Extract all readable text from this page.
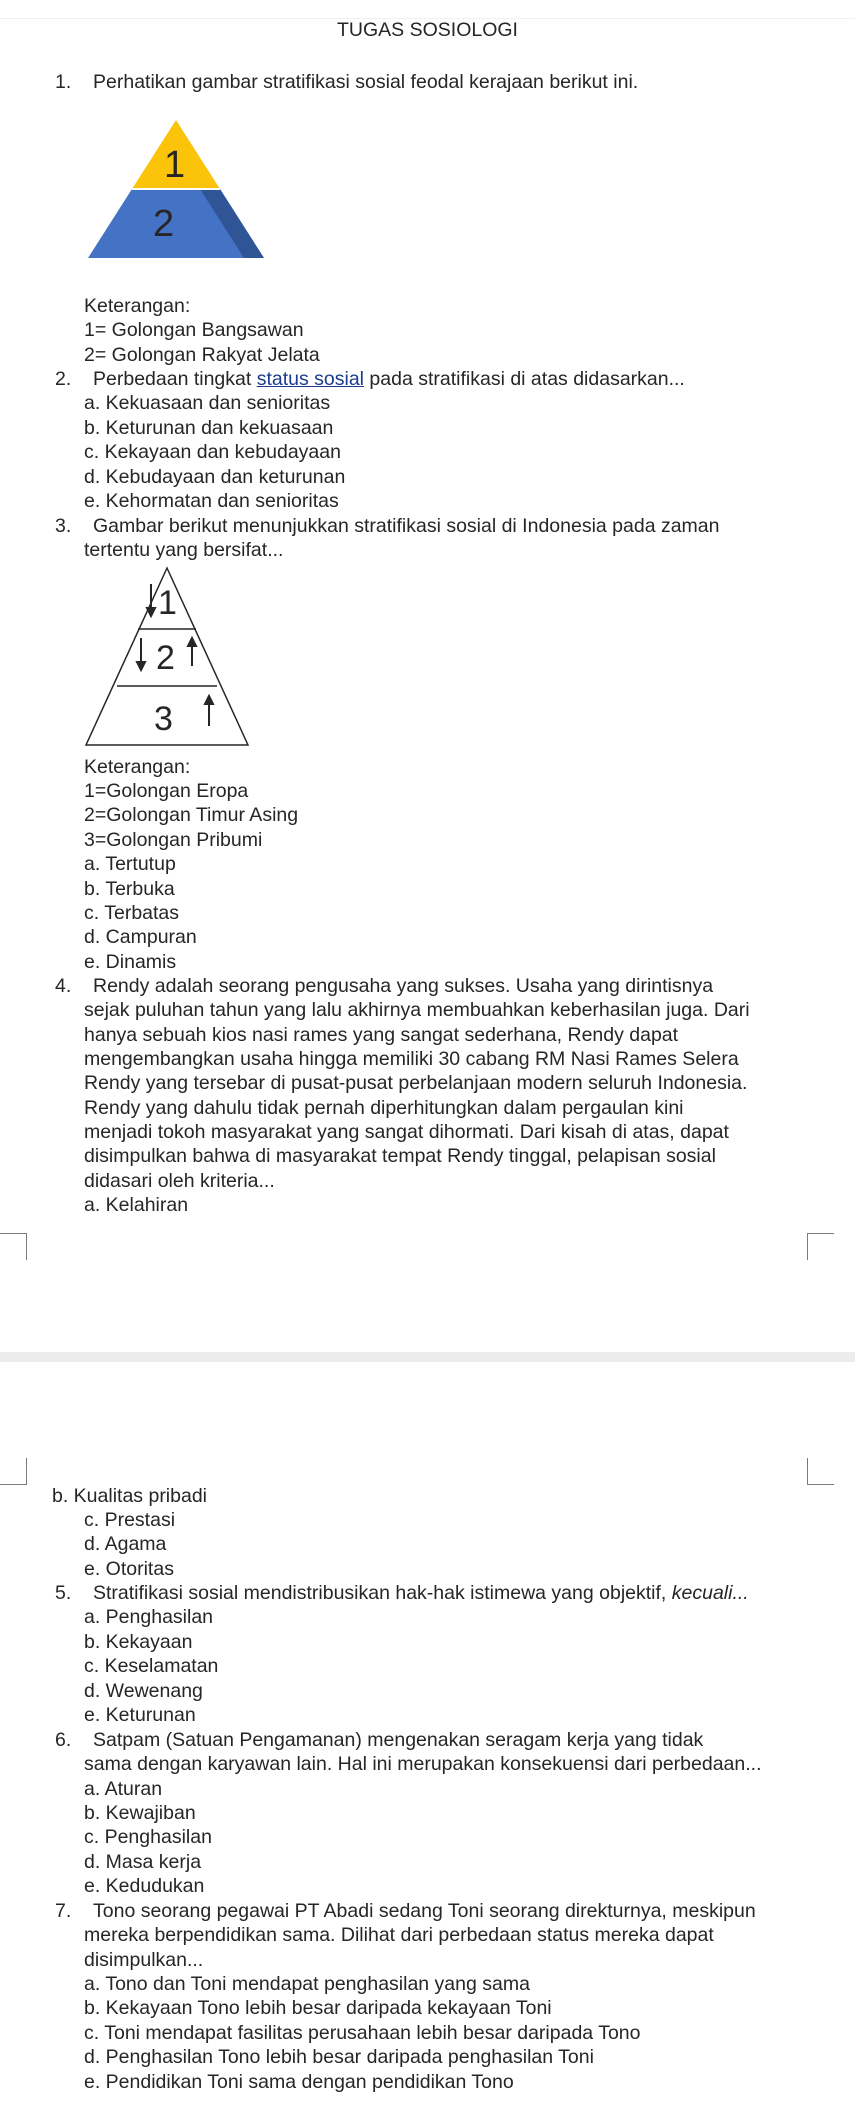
TUGAS SOSIOLOGI
1. Perhatikan gambar stratifikasi sosial feodal kerajaan berikut ini.
1
2
Keterangan:
1= Golongan Bangsawan
2= Golongan Rakyat Jelata
2. Perbedaan tingkat status sosial pada stratifikasi di atas didasarkan...
a. Kekuasaan dan senioritas
b. Keturunan dan kekuasaan
c. Kekayaan dan kebudayaan
d. Kebudayaan dan keturunan
e. Kehormatan dan senioritas
3. Gambar berikut menunjukkan stratifikasi sosial di Indonesia pada zaman
tertentu yang bersifat...
1
2
3
Keterangan:
1=Golongan Eropa
2=Golongan Timur Asing
3=Golongan Pribumi
a. Tertutup
b. Terbuka
c. Terbatas
d. Campuran
e. Dinamis
4. Rendy adalah seorang pengusaha yang sukses. Usaha yang dirintisnya
sejak puluhan tahun yang lalu akhirnya membuahkan keberhasilan juga. Dari
hanya sebuah kios nasi rames yang sangat sederhana, Rendy dapat
mengembangkan usaha hingga memiliki 30 cabang RM Nasi Rames Selera
Rendy yang tersebar di pusat-pusat perbelanjaan modern seluruh Indonesia.
Rendy yang dahulu tidak pernah diperhitungkan dalam pergaulan kini
menjadi tokoh masyarakat yang sangat dihormati. Dari kisah di atas, dapat
disimpulkan bahwa di masyarakat tempat Rendy tinggal, pelapisan sosial
didasari oleh kriteria...
a. Kelahiran
b. Kualitas pribadi
c. Prestasi
d. Agama
e. Otoritas
5. Stratifikasi sosial mendistribusikan hak-hak istimewa yang objektif, kecuali...
a. Penghasilan
b. Kekayaan
c. Keselamatan
d. Wewenang
e. Keturunan
6. Satpam (Satuan Pengamanan) mengenakan seragam kerja yang tidak
sama dengan karyawan lain. Hal ini merupakan konsekuensi dari perbedaan...
a. Aturan
b. Kewajiban
c. Penghasilan
d. Masa kerja
e. Kedudukan
7. Tono seorang pegawai PT Abadi sedang Toni seorang direkturnya, meskipun
mereka berpendidikan sama. Dilihat dari perbedaan status mereka dapat
disimpulkan...
a. Tono dan Toni mendapat penghasilan yang sama
b. Kekayaan Tono lebih besar daripada kekayaan Toni
c. Toni mendapat fasilitas perusahaan lebih besar daripada Tono
d. Penghasilan Tono lebih besar daripada penghasilan Toni
e. Pendidikan Toni sama dengan pendidikan Tono
